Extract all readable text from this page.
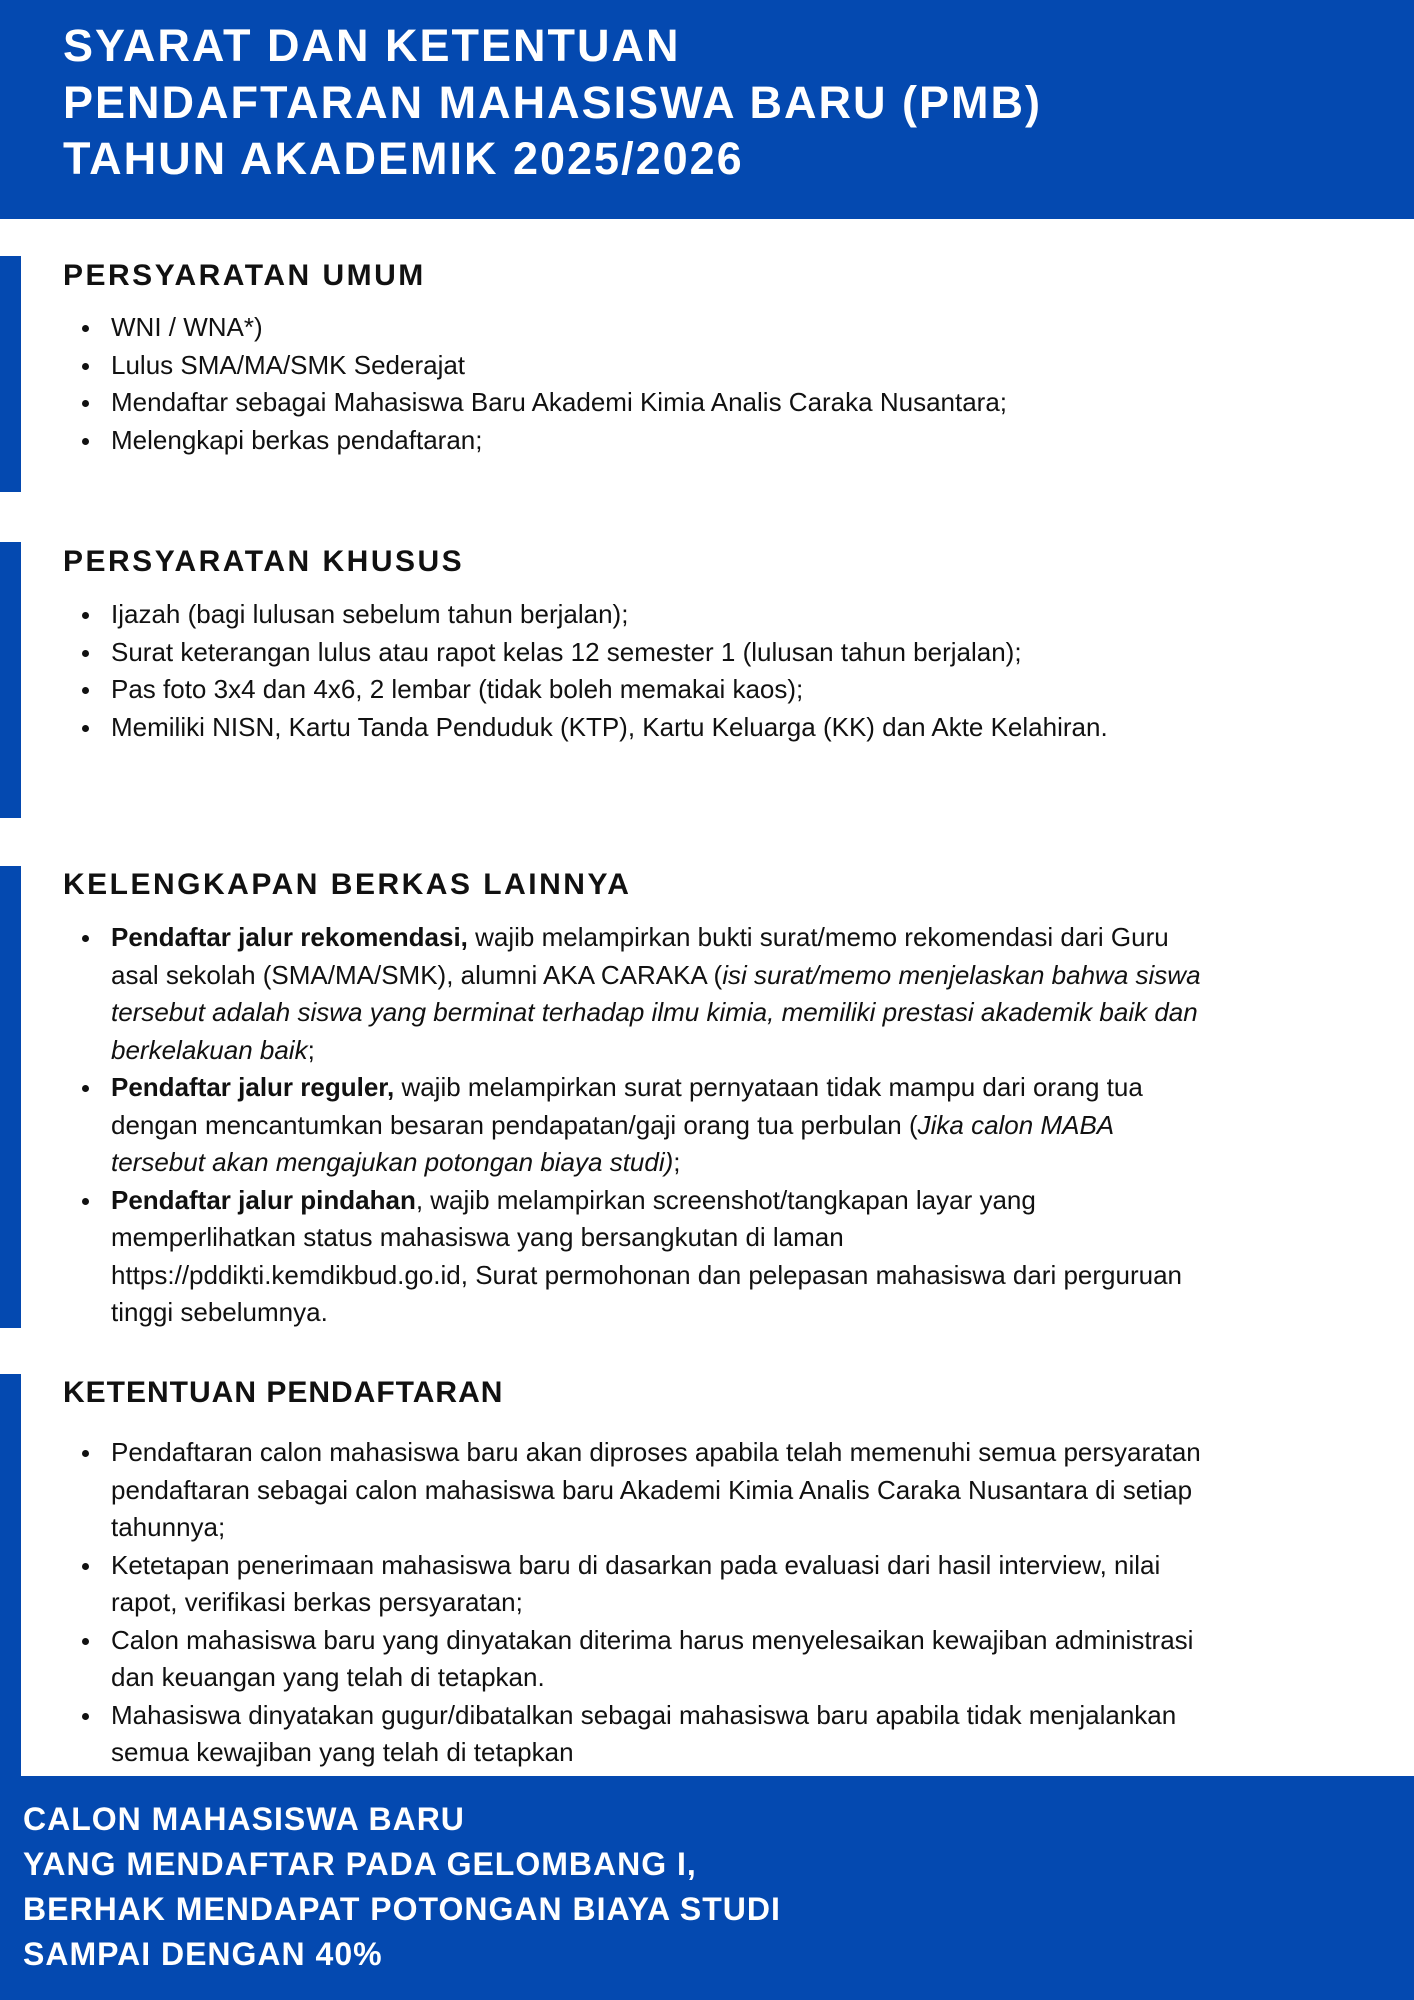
SYARAT DAN KETENTUAN
PENDAFTARAN MAHASISWA BARU (PMB)
TAHUN AKADEMIK 2025/2026
PERSYARATAN UMUM
WNI / WNA*)
Lulus SMA/MA/SMK Sederajat
Mendaftar sebagai Mahasiswa Baru Akademi Kimia Analis Caraka Nusantara;
Melengkapi berkas pendaftaran;
PERSYARATAN KHUSUS
Ijazah (bagi lulusan sebelum tahun berjalan);
Surat keterangan lulus atau rapot kelas 12 semester 1 (lulusan tahun berjalan);
Pas foto 3x4 dan 4x6, 2 lembar (tidak boleh memakai kaos);
Memiliki NISN, Kartu Tanda Penduduk (KTP), Kartu Keluarga (KK) dan Akte Kelahiran.
KELENGKAPAN BERKAS LAINNYA
Pendaftar jalur rekomendasi, wajib melampirkan bukti surat/memo rekomendasi dari Guru asal sekolah (SMA/MA/SMK), alumni AKA CARAKA (isi surat/memo menjelaskan bahwa siswa tersebut adalah siswa yang berminat terhadap ilmu kimia, memiliki prestasi akademik baik dan berkelakuan baik;
Pendaftar jalur reguler, wajib melampirkan surat pernyataan tidak mampu dari orang tua dengan mencantumkan besaran pendapatan/gaji orang tua perbulan (Jika calon MABA tersebut akan mengajukan potongan biaya studi);
Pendaftar jalur pindahan, wajib melampirkan screenshot/tangkapan layar yang memperlihatkan status mahasiswa yang bersangkutan di laman https://pddikti.kemdikbud.go.id, Surat permohonan dan pelepasan mahasiswa dari perguruan tinggi sebelumnya.
KETENTUAN PENDAFTARAN
Pendaftaran calon mahasiswa baru akan diproses apabila telah memenuhi semua persyaratan pendaftaran sebagai calon mahasiswa baru Akademi Kimia Analis Caraka Nusantara di setiap tahunnya;
Ketetapan penerimaan mahasiswa baru di dasarkan pada evaluasi dari hasil interview, nilai rapot, verifikasi berkas persyaratan;
Calon mahasiswa baru yang dinyatakan diterima harus menyelesaikan kewajiban administrasi dan keuangan yang telah di tetapkan.
Mahasiswa dinyatakan gugur/dibatalkan sebagai mahasiswa baru apabila tidak menjalankan semua kewajiban yang telah di tetapkan
CALON MAHASISWA BARU
YANG MENDAFTAR PADA GELOMBANG I,
BERHAK MENDAPAT POTONGAN BIAYA STUDI
SAMPAI DENGAN 40%
